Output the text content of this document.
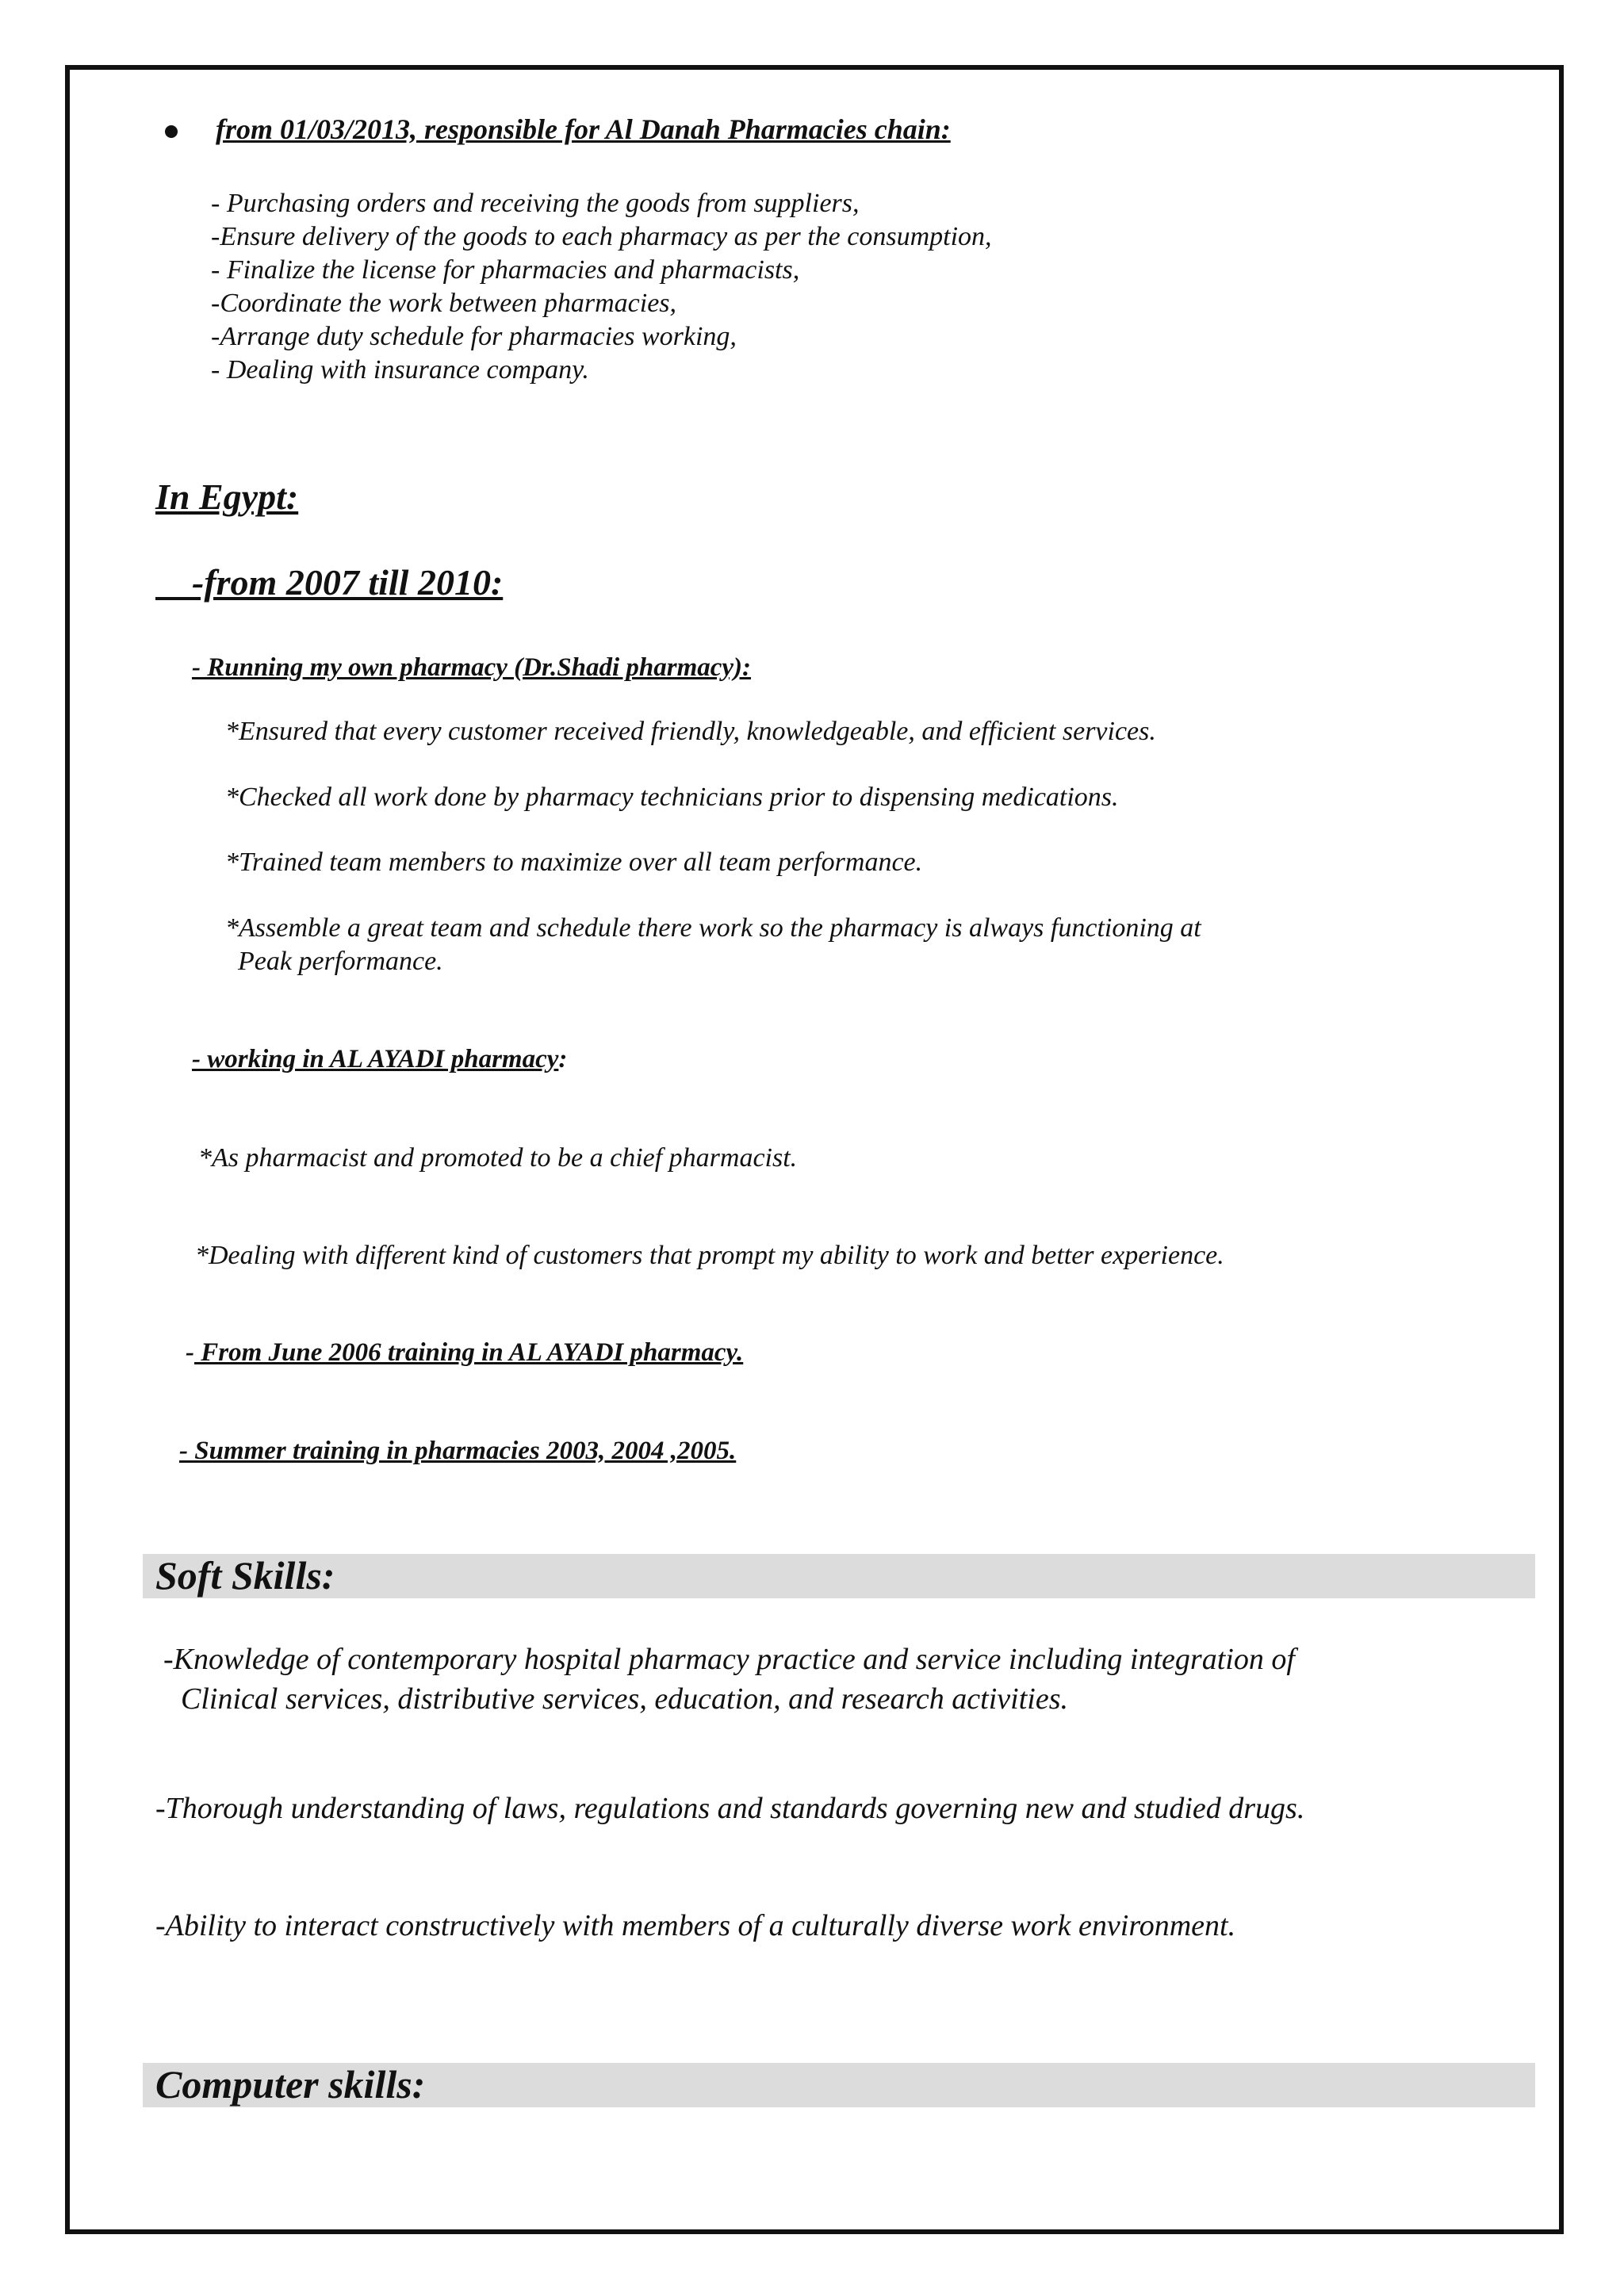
from 01/03/2013, responsible for Al Danah Pharmacies chain:
- Purchasing orders and receiving the goods from suppliers,
-Ensure delivery of the goods to each pharmacy as per the consumption,
- Finalize the license for pharmacies and pharmacists,
-Coordinate the work between pharmacies,
-Arrange duty schedule for pharmacies working,
- Dealing with insurance company.
In Egypt:
-from 2007 till 2010:
- Running my own pharmacy (Dr.Shadi pharmacy):
*Ensured that every customer received friendly, knowledgeable, and efficient services.
*Checked all work done by pharmacy technicians prior to dispensing medications.
*Trained team members to maximize over all team performance.
*Assemble a great team and schedule there work so the pharmacy is always functioning at
Peak performance.
- working in AL AYADI pharmacy:
*As pharmacist and promoted to be a chief pharmacist.
*Dealing with different kind of customers that prompt my ability to work and better experience.
- From June 2006 training in AL AYADI pharmacy.
- Summer training in pharmacies 2003, 2004 ,2005.
Soft Skills:
-Knowledge of contemporary hospital pharmacy practice and service including integration of
Clinical services, distributive services, education, and research activities.
-Thorough understanding of laws, regulations and standards governing new and studied drugs.
-Ability to interact constructively with members of a culturally diverse work environment.
Computer skills:
